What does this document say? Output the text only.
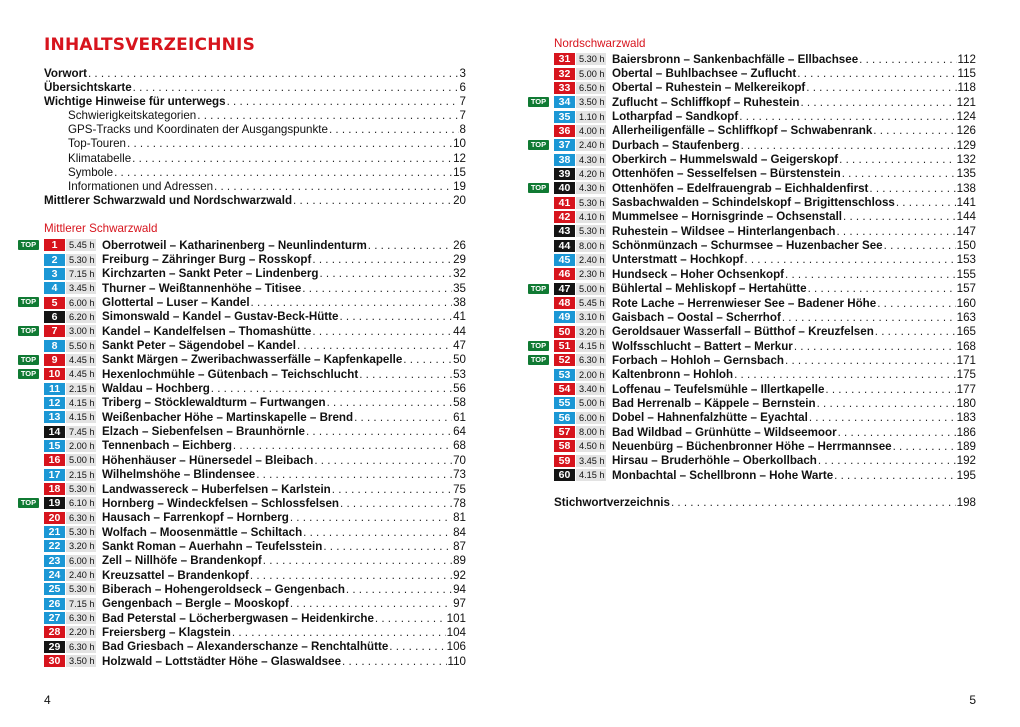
INHALTSVERZEICHNIS
Vorwort . . .	3
Übersichtskarte . . .	6
Wichtige Hinweise für unterwegs . . .	7
Schwierigkeitskategorien . . .	7
GPS-Tracks und Koordinaten der Ausgangspunkte . . .	8
Top-Touren . . .	10
Klimatabelle . . .	12
Symbole . . .	15
Informationen und Adressen . . .	19
Mittlerer Schwarzwald und Nordschwarzwald . . .	20
Mittlerer Schwarzwald
TOP	1	5.45 h Oberrotweil – Katharinenberg – Neunlindenturm . . .	26
2	5.30 h Freiburg – Zähringer Burg – Rosskopf . . .	29
3	7.15 h Kirchzarten – Sankt Peter – Lindenberg . . .	32
4	3.45 h Thurner – Weißtannenhöhe – Titisee . . .	35
TOP	5	6.00 h Glottertal – Luser – Kandel . . .	38
6	6.20 h Simonswald – Kandel – Gustav-Beck-Hütte . . .	41
TOP	7	3.00 h Kandel – Kandelfelsen – Thomashütte . . .	44
8	5.50 h Sankt Peter – Sägendobel – Kandel . . .	47
TOP	9	4.45 h Sankt Märgen – Zweribachwasserfälle – Kapfenkapelle . . .	50
TOP	10 4.45 h Hexenlochmühle – Gütenbach – Teichschlucht . . .	53
11 2.15 h Waldau – Hochberg . . .	56
12 4.15 h Triberg – Stöcklewaldturm – Furtwangen . . .	58
13 4.15 h Weißenbacher Höhe – Martinskapelle – Brend . . .	61
14 7.45 h Elzach – Siebenfelsen – Braunhörnle . . .	64
15 2.00 h Tennenbach – Eichberg . . .	68
16 5.00 h Höhenhäuser – Hünersedel – Bleibach . . .	70
17 2.15 h Wilhelmshöhe – Blindensee . . .	73
18 5.30 h Landwassereck – Huberfelsen – Karlstein . . .	75
TOP	19 6.10 h Hornberg – Windeckfelsen – Schlossfelsen . . .	78
20 6.30 h Hausach – Farrenkopf – Hornberg . . .	81
21 5.30 h Wolfach – Moosenmättle – Schiltach . . .	84
22 3.20 h Sankt Roman – Auerhahn – Teufelsstein . . .	87
23 6.00 h Zell – Nillhöfe – Brandenkopf . . .	89
24 2.40 h Kreuzsattel – Brandenkopf . . .	92
25 5.30 h Biberach – Hohengeroldseck – Gengenbach . . .	94
26 7.15 h Gengenbach – Bergle – Mooskopf . . .	97
27 6.30 h Bad Peterstal – Löcherbergwasen – Heidenkirche . . .	101
28 2.20 h Freiersberg – Klagstein . . .	104
29 6.30 h Bad Griesbach – Alexanderschanze – Renchtalhütte . . .	106
30 3.50 h Holzwald – Lottstädter Höhe – Glaswaldsee . . .	110
4
Nordschwarzwald
31 5.30 h Baiersbronn – Sankenbachfälle – Ellbachsee . . .	112
32 5.00 h Obertal – Buhlbachsee – Zuflucht . . .	115
33 6.50 h Obertal – Ruhestein – Melkereikopf . . .	118
TOP	34 3.50 h Zuflucht – Schliffkopf – Ruhestein . . .	121
35 1.10 h Lotharpfad – Sandkopf . . .	124
36 4.00 h Allerheiligenfälle – Schliffkopf – Schwabenrank . . .	126
TOP	37 2.40 h Durbach – Staufenberg . . .	129
38 4.30 h Oberkirch – Hummelswald – Geigerskopf . . .	132
39 4.20 h Ottenhöfen – Sesselfelsen – Bürstenstein . . .	135
TOP	40 4.30 h Ottenhöfen – Edelfrauengrab – Eichhaldenfirst . . .	138
41 5.30 h Sasbachwalden – Schindelskopf – Brigittenschloss . . .	141
42 4.10 h Mummelsee – Hornisgrinde – Ochsenstall . . .	144
43 5.30 h Ruhestein – Wildsee – Hinterlangenbach . . .	147
44 8.00 h Schönmünzach – Schurmsee – Huzenbacher See . . .	150
45 2.40 h Unterstmatt – Hochkopf . . .	153
46 2.30 h Hundseck – Hoher Ochsenkopf . . .	155
TOP	47 5.00 h Bühlertal – Mehliskopf – Hertahütte . . .	157
48 5.45 h Rote Lache – Herrenwieser See – Badener Höhe . . .	160
49 3.10 h Gaisbach – Oostal – Scherrhof . . .	163
50 3.20 h Geroldsauer Wasserfall – Bütthof – Kreuzfelsen . . .	165
TOP	51 4.15 h Wolfsschlucht – Battert – Merkur . . .	168
TOP	52 6.30 h Forbach – Hohloh – Gernsbach . . .	171
53 2.00 h Kaltenbronn – Hohloh . . .	175
54 3.40 h Loffenau – Teufelsmühle – Illertkapelle . . .	177
55 5.00 h Bad Herrenalb – Käppele – Bernstein . . .	180
56 6.00 h Dobel – Hahnenfalzhütte – Eyachtal . . .	183
57 8.00 h Bad Wildbad – Grünhütte – Wildseemoor . . .	186
58 4.50 h Neuenbürg – Büchenbronner Höhe – Herrmannsee . . .	189
59 3.45 h Hirsau – Bruderhöhle – Oberkollbach . . .	192
60 4.15 h Monbachtal – Schellbronn – Hohe Warte . . .	195
Stichwortverzeichnis . . .	198
5
